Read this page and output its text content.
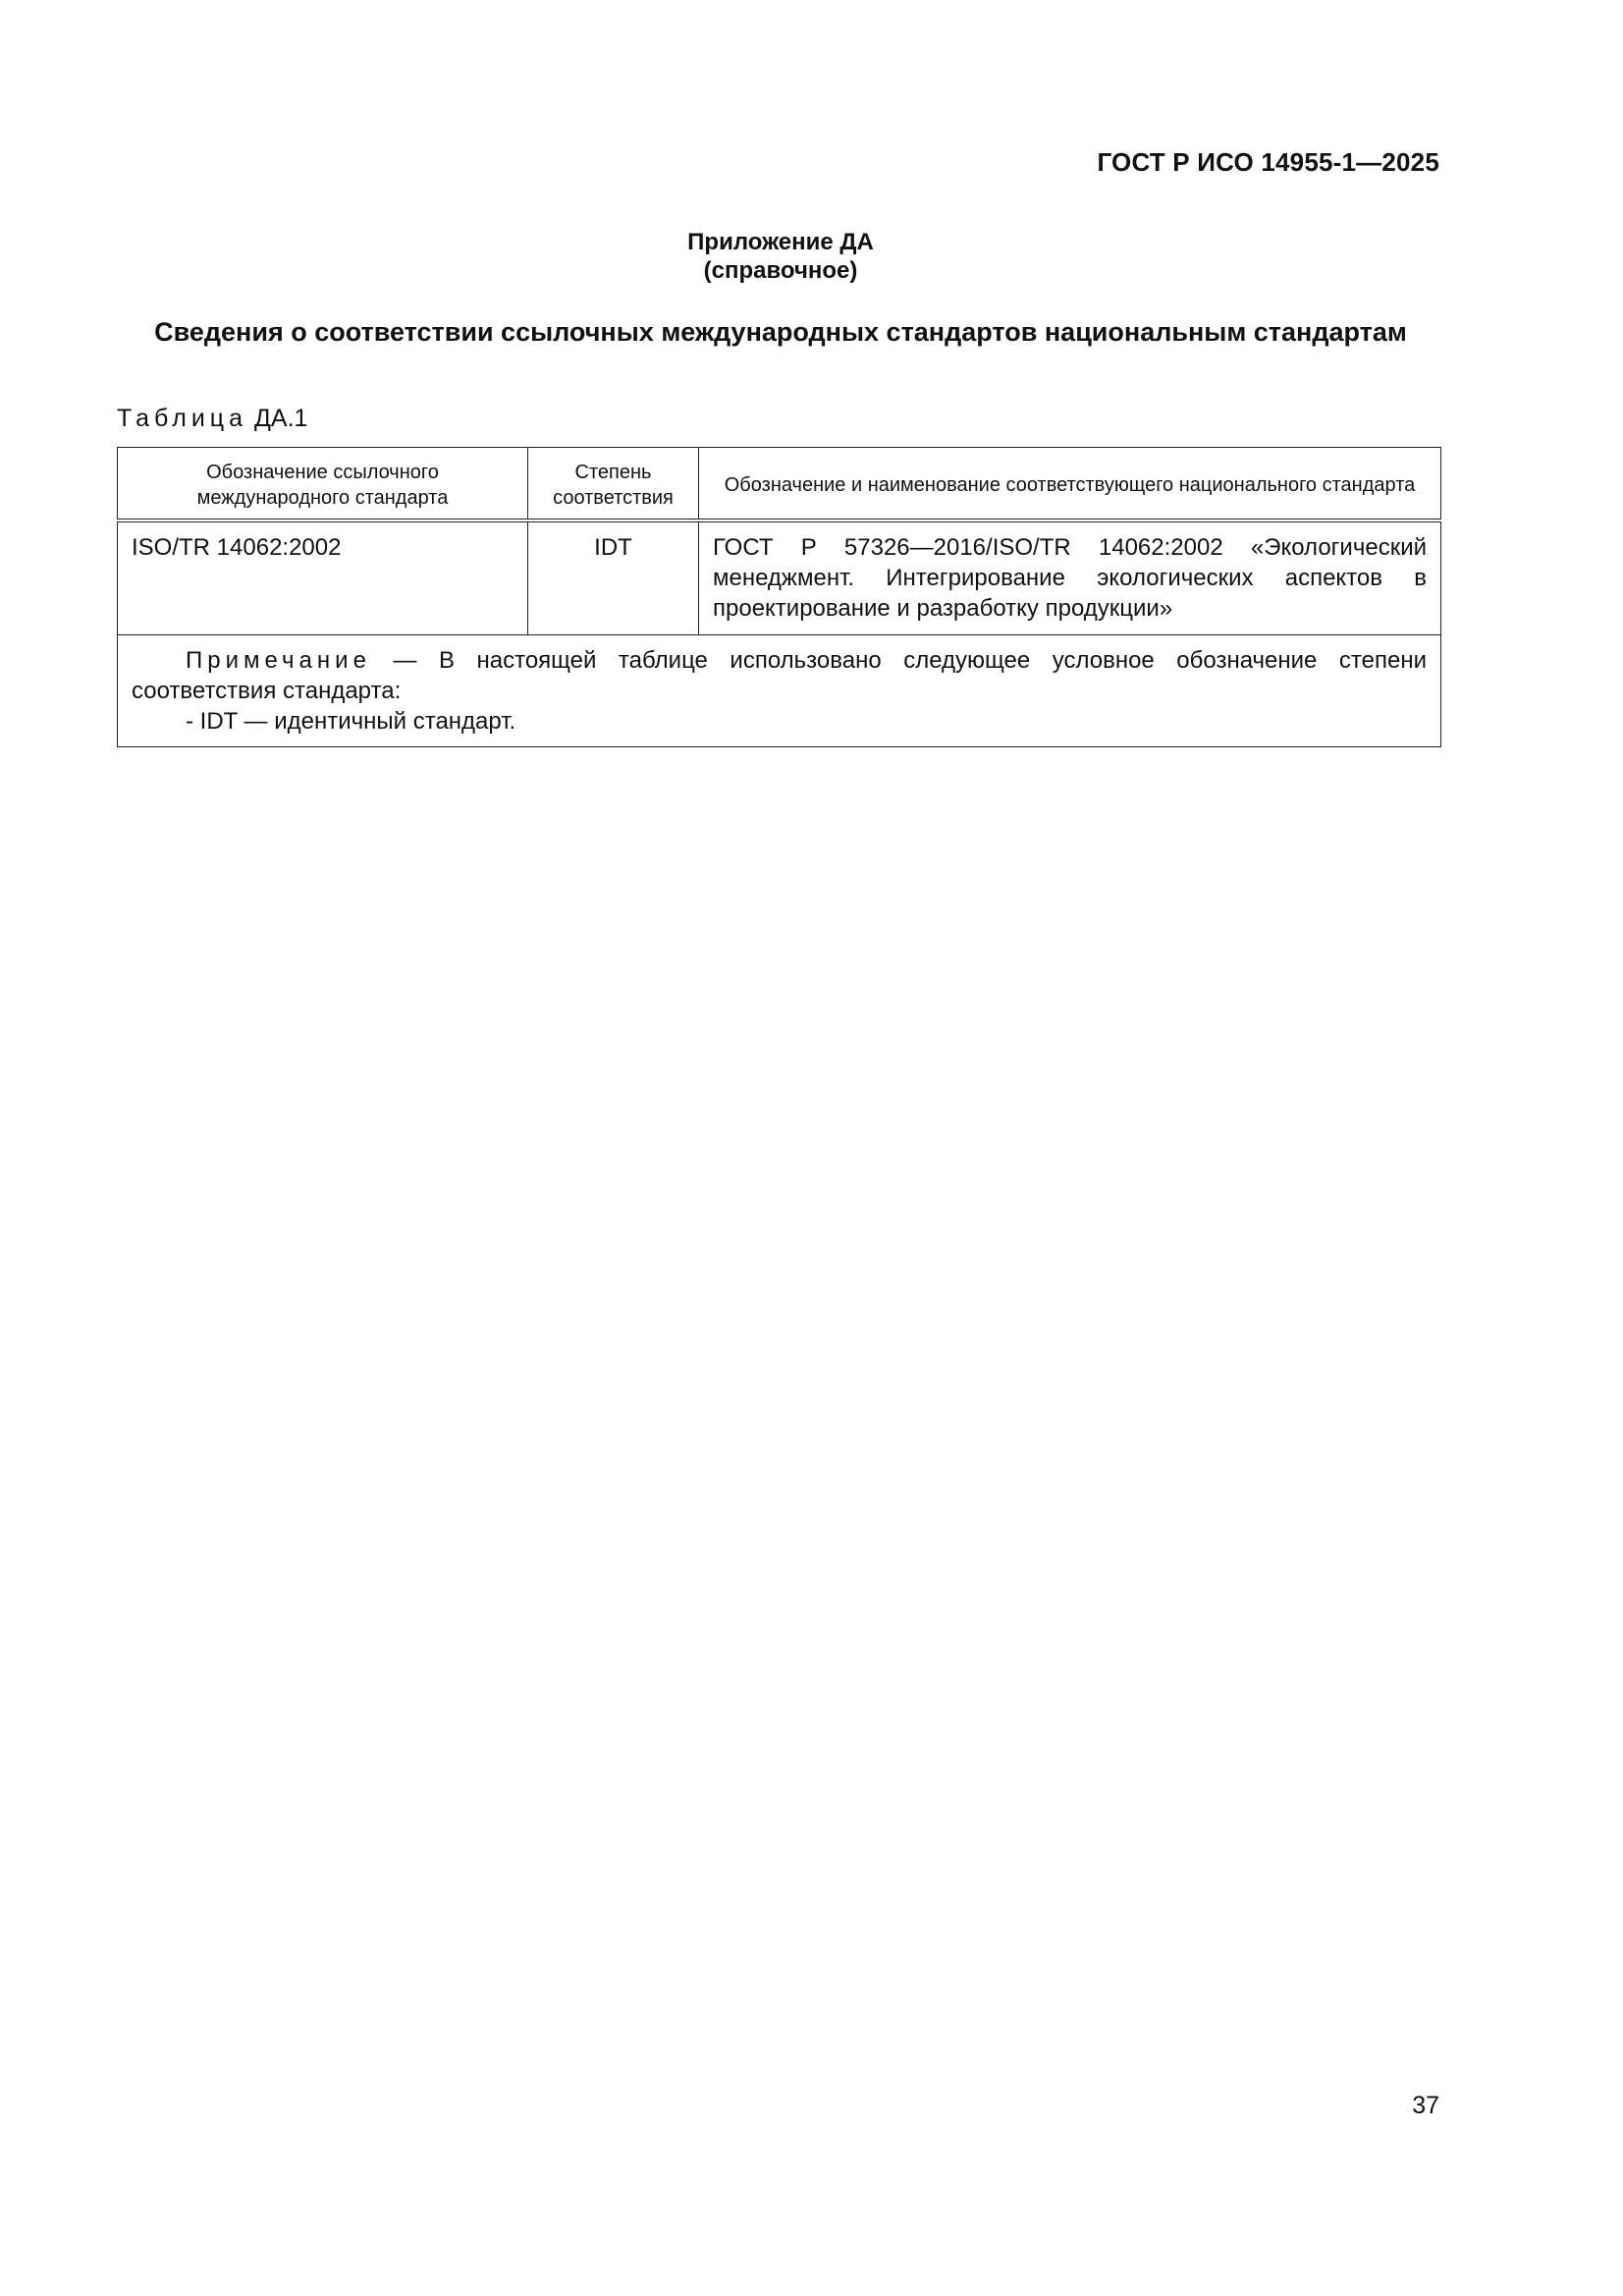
ГОСТ Р ИСО 14955-1—2025
Приложение ДА
(справочное)
Сведения о соответствии ссылочных международных стандартов национальным стандартам
Таблица ДА.1
Обозначение ссылочного международного стандарта	Степень соответствия	Обозначение и наименование соответствующего национального стандарта
ISO/TR 14062:2002	IDT	ГОСТ Р 57326—2016/ISO/TR 14062:2002 «Экологический менеджмент. Интегрирование экологических аспектов в проектирование и разработку продукции»

Примечание — В настоящей таблице использовано следующее условное обозначение степени соответствия стандарта:

- IDT — идентичный стандарт.		

37
